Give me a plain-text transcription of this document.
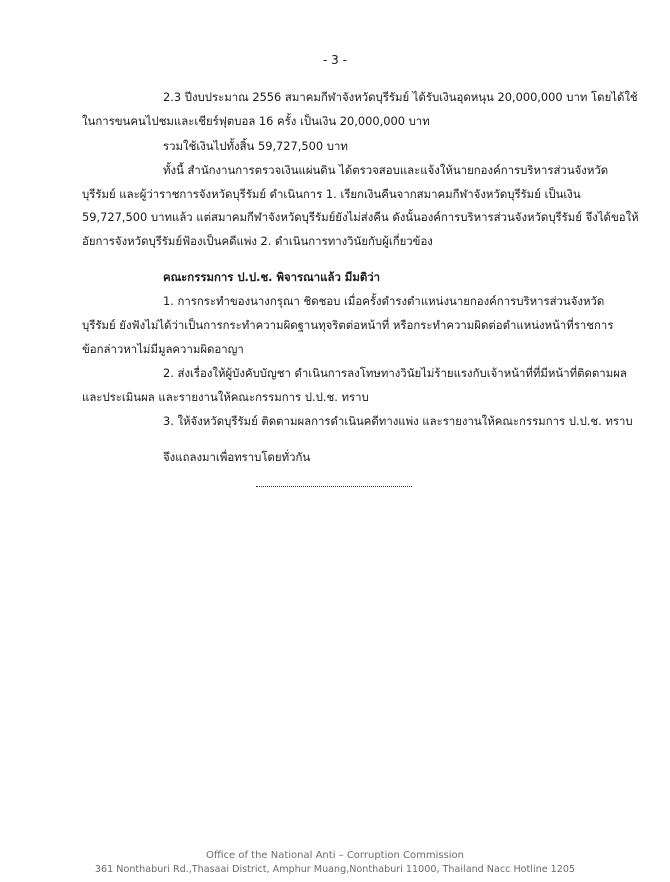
- 3 -
2.3 ปีงบประมาณ 2556 สมาคมกีฬาจังหวัดบุรีรัมย์ ได้รับเงินอุดหนุน 20,000,000 บาท โดยได้ใช้
ในการขนคนไปชมและเชียร์ฟุตบอล 16 ครั้ง เป็นเงิน 20,000,000 บาท
รวมใช้เงินไปทั้งสิ้น 59,727,500 บาท
ทั้งนี้ สำนักงานการตรวจเงินแผ่นดิน ได้ตรวจสอบและแจ้งให้นายกองค์การบริหารส่วนจังหวัด
บุรีรัมย์ และผู้ว่าราชการจังหวัดบุรีรัมย์ ดำเนินการ 1. เรียกเงินคืนจากสมาคมกีฬาจังหวัดบุรีรัมย์ เป็นเงิน
59,727,500 บาทแล้ว แต่สมาคมกีฬาจังหวัดบุรีรัมย์ยังไม่ส่งคืน ดังนั้นองค์การบริหารส่วนจังหวัดบุรีรัมย์ จึงได้ขอให้
อัยการจังหวัดบุรีรัมย์ฟ้องเป็นคดีแพ่ง 2. ดำเนินการทางวินัยกับผู้เกี่ยวข้อง
คณะกรรมการ ป.ป.ช. พิจารณาแล้ว มีมติว่า
1. การกระทำของนางกรุณา ชิดชอบ เมื่อครั้งดำรงตำแหน่งนายกองค์การบริหารส่วนจังหวัด
บุรีรัมย์ ยังฟังไม่ได้ว่าเป็นการกระทำความผิดฐานทุจริตต่อหน้าที่ หรือกระทำความผิดต่อตำแหน่งหน้าที่ราชการ
ข้อกล่าวหาไม่มีมูลความผิดอาญา
2. ส่งเรื่องให้ผู้บังคับบัญชา ดำเนินการลงโทษทางวินัยไม่ร้ายแรงกับเจ้าหน้าที่ที่มีหน้าที่ติดตามผล
และประเมินผล และรายงานให้คณะกรรมการ ป.ป.ช. ทราบ
3. ให้จังหวัดบุรีรัมย์ ติดตามผลการดำเนินคดีทางแพ่ง และรายงานให้คณะกรรมการ ป.ป.ช. ทราบ
จึงแถลงมาเพื่อทราบโดยทั่วกัน
Office of the National Anti – Corruption Commission
361 Nonthaburi Rd.,Thasaai District, Amphur Muang,Nonthaburi 11000, Thailand Nacc Hotline 1205
